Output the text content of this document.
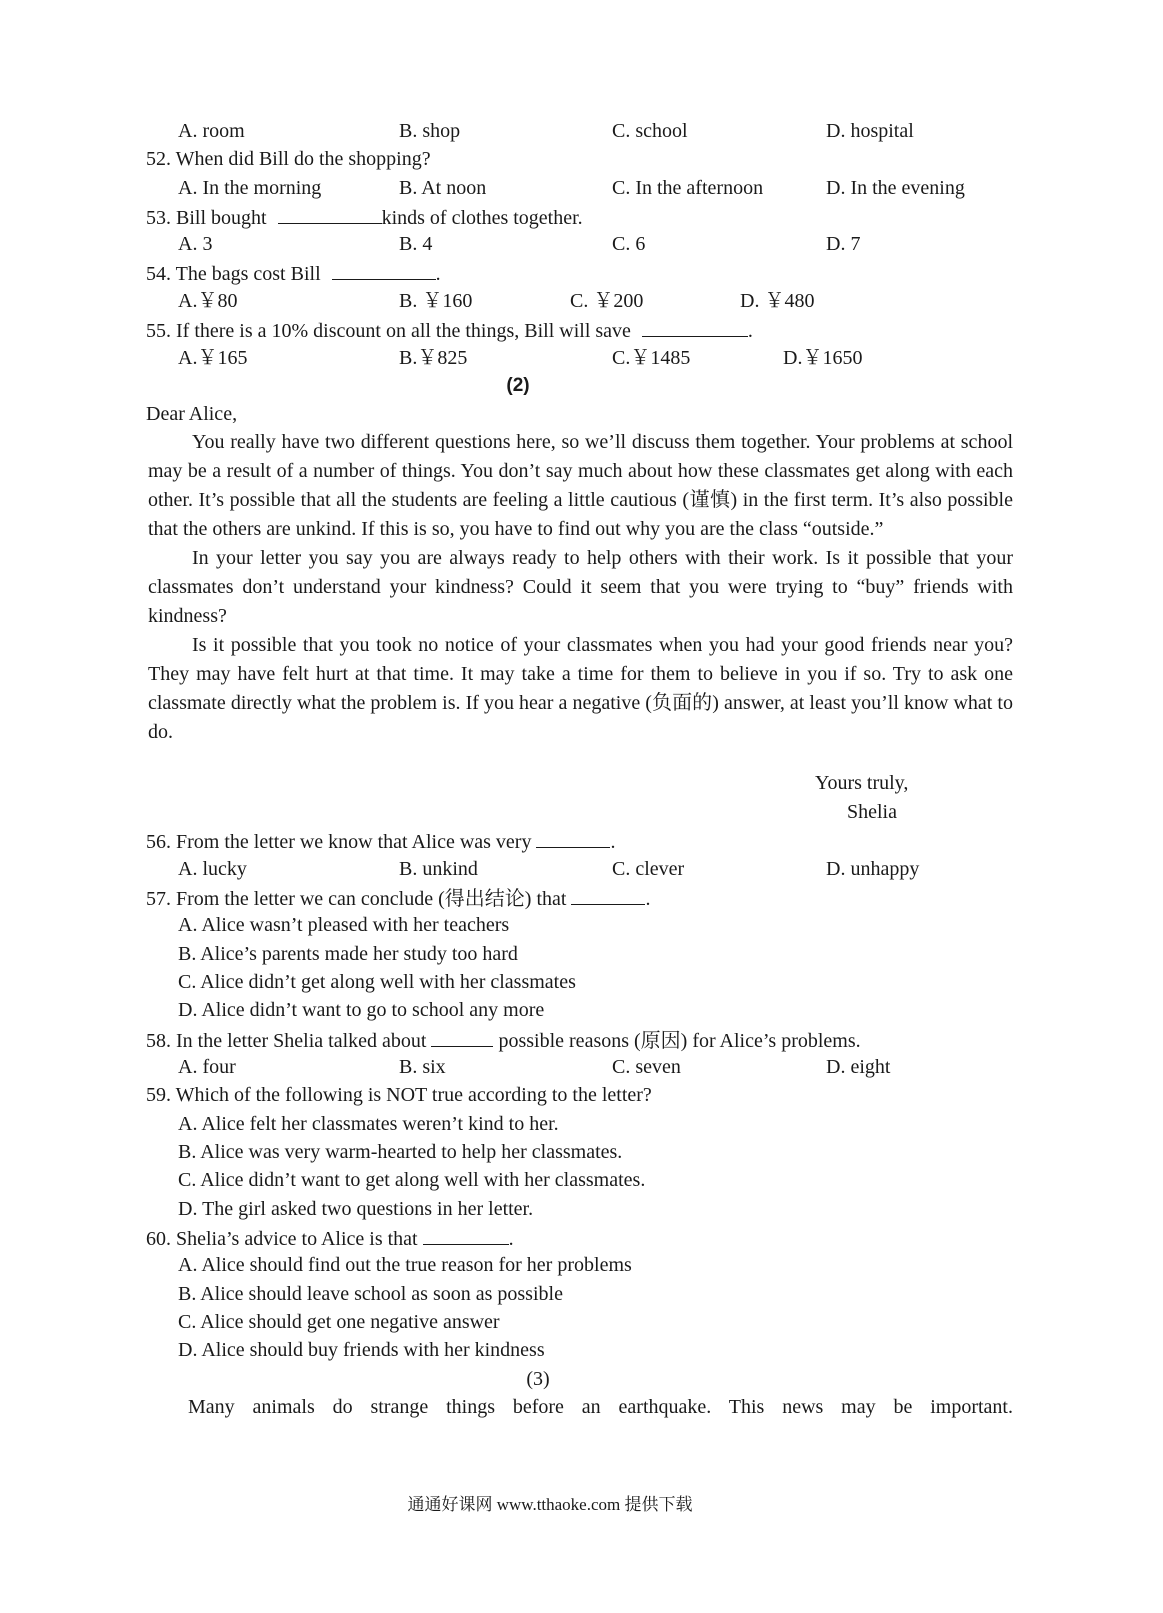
A. room	B. shop	C. school	D. hospital
52. When did Bill do the shopping?
A. In the morning	B. At noon	C. In the afternoon	D. In the evening
53. Bill bought	kinds of clothes together.
A. 3	B. 4	C. 6	D. 7
54. The bags cost Bill	.
A.￥80	B. ￥160	C. ￥200	D. ￥480
55. If there is a 10% discount on all the things, Bill will save	.
A.￥165	B.￥825	C.￥1485	D.￥1650
(2)
Dear Alice,

You really have two different questions here, so we’ll discuss them together. Your problems at school may be a result of a number of things. You don’t say much about how these classmates get along with each other. It’s possible that all the students are feeling a little cautious (谨慎) in the first term. It’s also possible that the others are unkind. If this is so, you have to find out why you are the class “outside.”

In your letter you say you are always ready to help others with their work. Is it possible that your classmates don’t understand your kindness? Could it seem that you were trying to “buy” friends with kindness?

Is it possible that you took no notice of your classmates when you had your good friends near you? They may have felt hurt at that time. It may take a time for them to believe in you if so. Try to ask one classmate directly what the problem is. If you hear a negative (负面的) answer, at least you’ll know what to do.

Yours truly,
Shelia
56. From the letter we know that Alice was very	.
A. lucky	B. unkind	C. clever	D. unhappy
57. From the letter we can conclude (得出结论) that	.
A. Alice wasn’t pleased with her teachers
B. Alice’s parents made her study too hard
C. Alice didn’t get along well with her classmates
D. Alice didn’t want to go to school any more
58. In the letter Shelia talked about	possible reasons (原因) for Alice’s problems.
A. four	B. six	C. seven	D. eight
59. Which of the following is NOT true according to the letter?
A. Alice felt her classmates weren’t kind to her.
B. Alice was very warm-hearted to help her classmates.
C. Alice didn’t want to get along well with her classmates.
D. The girl asked two questions in her letter.
60. Shelia’s advice to Alice is that	.
A. Alice should find out the true reason for her problems
B. Alice should leave school as soon as possible
C. Alice should get one negative answer
D. Alice should buy friends with her kindness
(3)
Many animals do strange things before an earthquake. This news may be important.
通通好课网 www.tthaoke.com 提供下载
